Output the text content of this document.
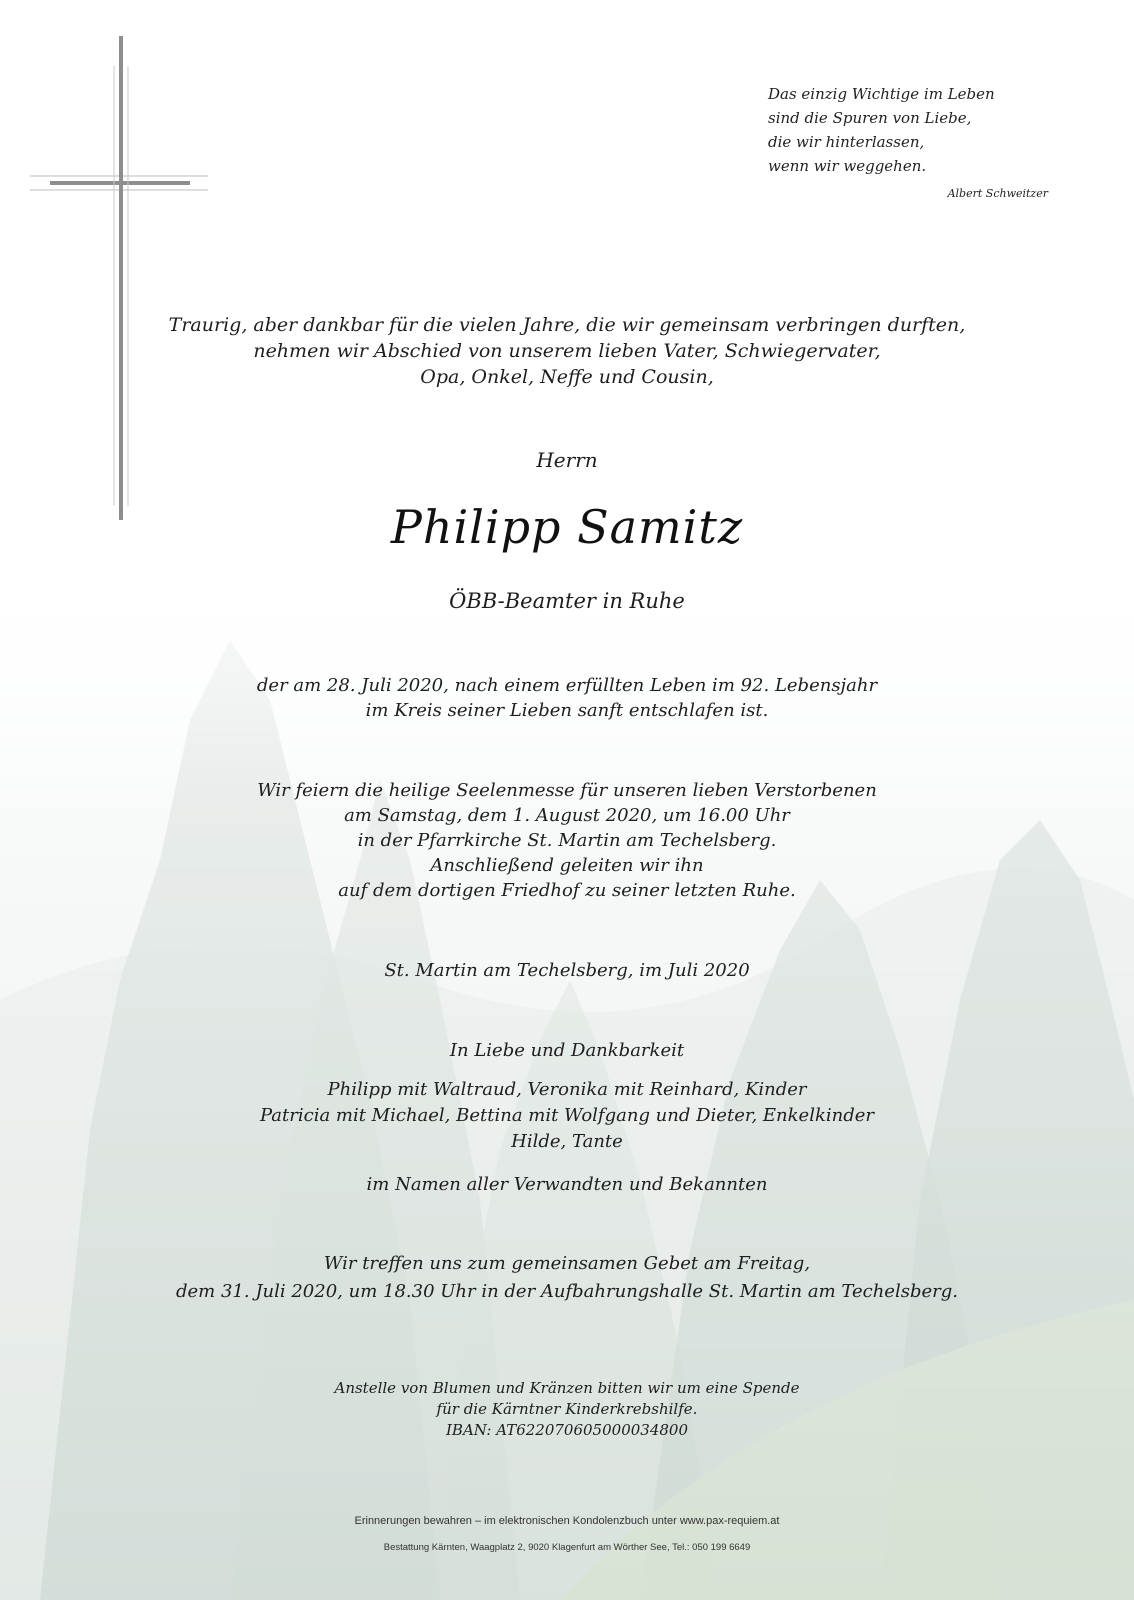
Das einzig Wichtige im Leben
sind die Spuren von Liebe,
die wir hinterlassen,
wenn wir weggehen.
Albert Schweitzer
Traurig, aber dankbar für die vielen Jahre, die wir gemeinsam verbringen durften,
nehmen wir Abschied von unserem lieben Vater, Schwiegervater,
Opa, Onkel, Neffe und Cousin,
Herrn
Philipp Samitz
ÖBB-Beamter in Ruhe
der am 28. Juli 2020, nach einem erfüllten Leben im 92. Lebensjahr
im Kreis seiner Lieben sanft entschlafen ist.
Wir feiern die heilige Seelenmesse für unseren lieben Verstorbenen
am Samstag, dem 1. August 2020, um 16.00 Uhr
in der Pfarrkirche St. Martin am Techelsberg.
Anschließend geleiten wir ihn
auf dem dortigen Friedhof zu seiner letzten Ruhe.
St. Martin am Techelsberg, im Juli 2020
In Liebe und Dankbarkeit
Philipp mit Waltraud, Veronika mit Reinhard, Kinder
Patricia mit Michael, Bettina mit Wolfgang und Dieter, Enkelkinder
Hilde, Tante
im Namen aller Verwandten und Bekannten
Wir treffen uns zum gemeinsamen Gebet am Freitag,
dem 31. Juli 2020, um 18.30 Uhr in der Aufbahrungshalle St. Martin am Techelsberg.
Anstelle von Blumen und Kränzen bitten wir um eine Spende
für die Kärntner Kinderkrebshilfe.
IBAN: AT622070605000034800
Erinnerungen bewahren – im elektronischen Kondolenzbuch unter www.pax-requiem.at
Bestattung Kärnten, Waagplatz 2, 9020 Klagenfurt am Wörther See, Tel.: 050 199 6649
